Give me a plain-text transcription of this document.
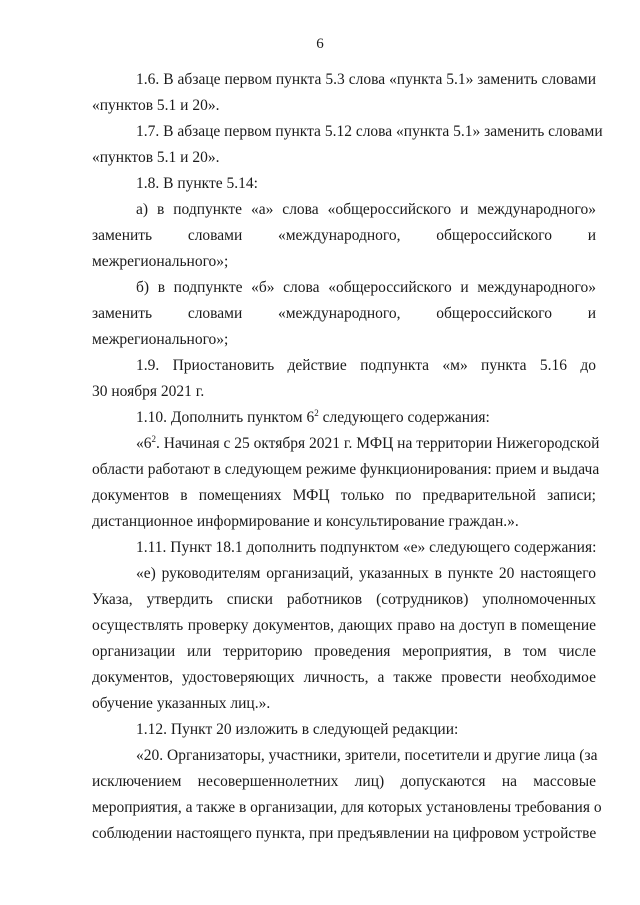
6
1.6. В абзаце первом пункта 5.3 слова «пункта 5.1» заменить словами
«пунктов 5.1 и 20».
1.7. В абзаце первом пункта 5.12 слова «пункта 5.1» заменить словами
«пунктов 5.1 и 20».
1.8. В пункте 5.14:
а) в подпункте «а» слова «общероссийского и международного»
заменить словами «международного, общероссийского и
межрегионального»;
б) в подпункте «б» слова «общероссийского и международного»
заменить словами «международного, общероссийского и
межрегионального»;
1.9. Приостановить действие подпункта «м» пункта 5.16 до
30 ноября 2021 г.
1.10. Дополнить пунктом $6^2$ следующего содержания:
«$6^2$. Начиная с 25 октября 2021 г. МФЦ на территории Нижегородской
области работают в следующем режиме функционирования: прием и выдача
документов в помещениях МФЦ только по предварительной записи;
дистанционное информирование и консультирование граждан.».
1.11. Пункт 18.1 дополнить подпунктом «е» следующего содержания:
«е) руководителям организаций, указанных в пункте 20 настоящего
Указа, утвердить списки работников (сотрудников) уполномоченных
осуществлять проверку документов, дающих право на доступ в помещение
организации или территорию проведения мероприятия, в том числе
документов, удостоверяющих личность, а также провести необходимое
обучение указанных лиц.».
1.12. Пункт 20 изложить в следующей редакции:
«20. Организаторы, участники, зрители, посетители и другие лица (за
исключением несовершеннолетних лиц) допускаются на массовые
мероприятия, а также в организации, для которых установлены требования о
соблюдении настоящего пункта, при предъявлении на цифровом устройстве
